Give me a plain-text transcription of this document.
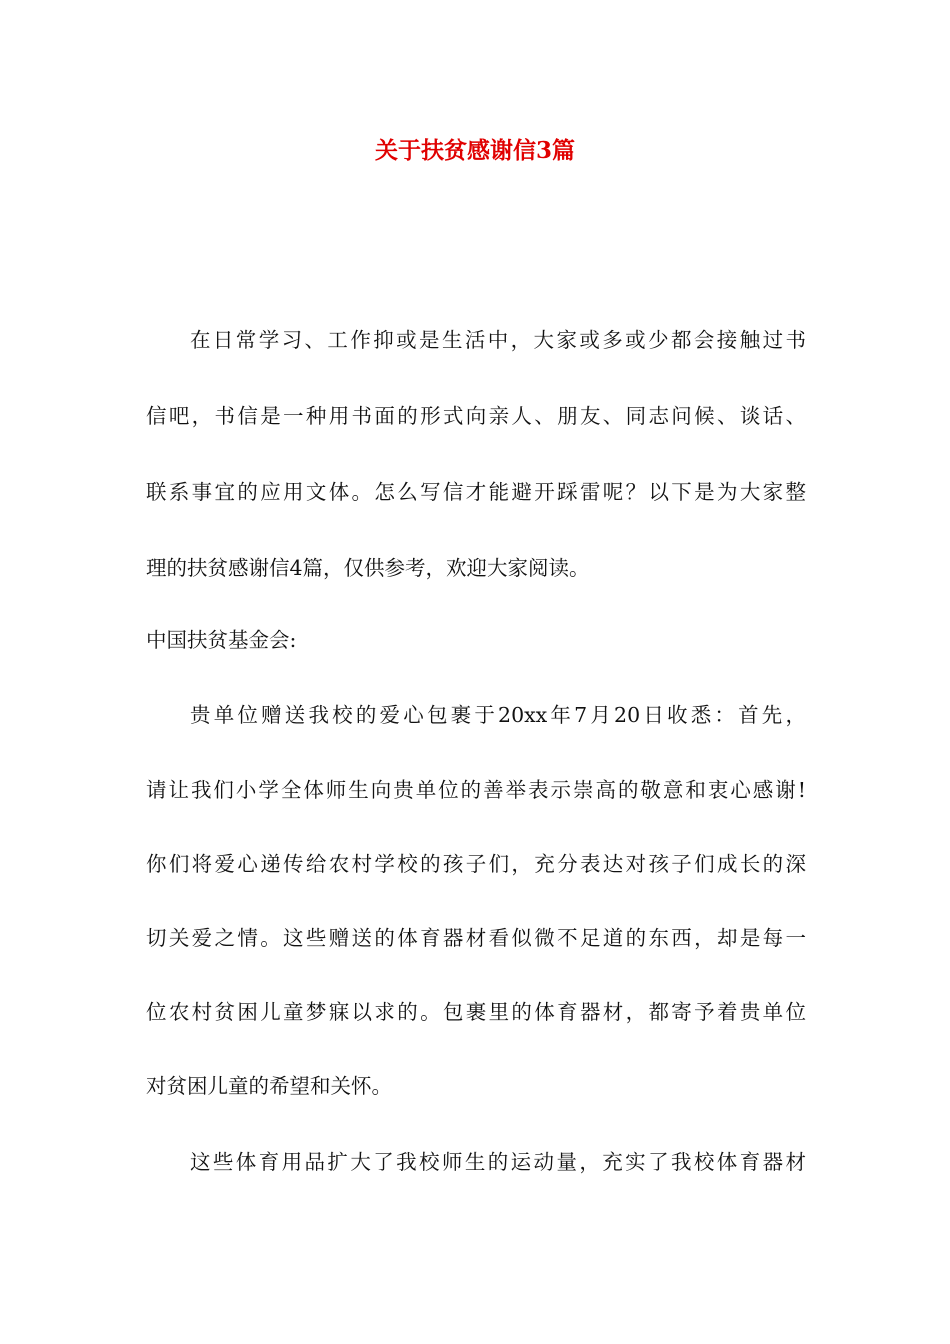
关于扶贫感谢信3篇

在日常学习、工作抑或是生活中，大家或多或少都会接触过书

信吧，书信是一种用书面的形式向亲人、朋友、同志问候、谈话、

联系事宜的应用文体。怎么写信才能避开踩雷呢？以下是为大家整

理的扶贫感谢信4篇，仅供参考，欢迎大家阅读。

中国扶贫基金会:

贵单位赠送我校的爱心包裹于20xx年7月20日收悉：首先，

请让我们小学全体师生向贵单位的善举表示崇高的敬意和衷心感谢!

你们将爱心递传给农村学校的孩子们，充分表达对孩子们成长的深

切关爱之情。这些赠送的体育器材看似微不足道的东西，却是每一

位农村贫困儿童梦寐以求的。包裹里的体育器材，都寄予着贵单位

对贫困儿童的希望和关怀。

这些体育用品扩大了我校师生的运动量，充实了我校体育器材
